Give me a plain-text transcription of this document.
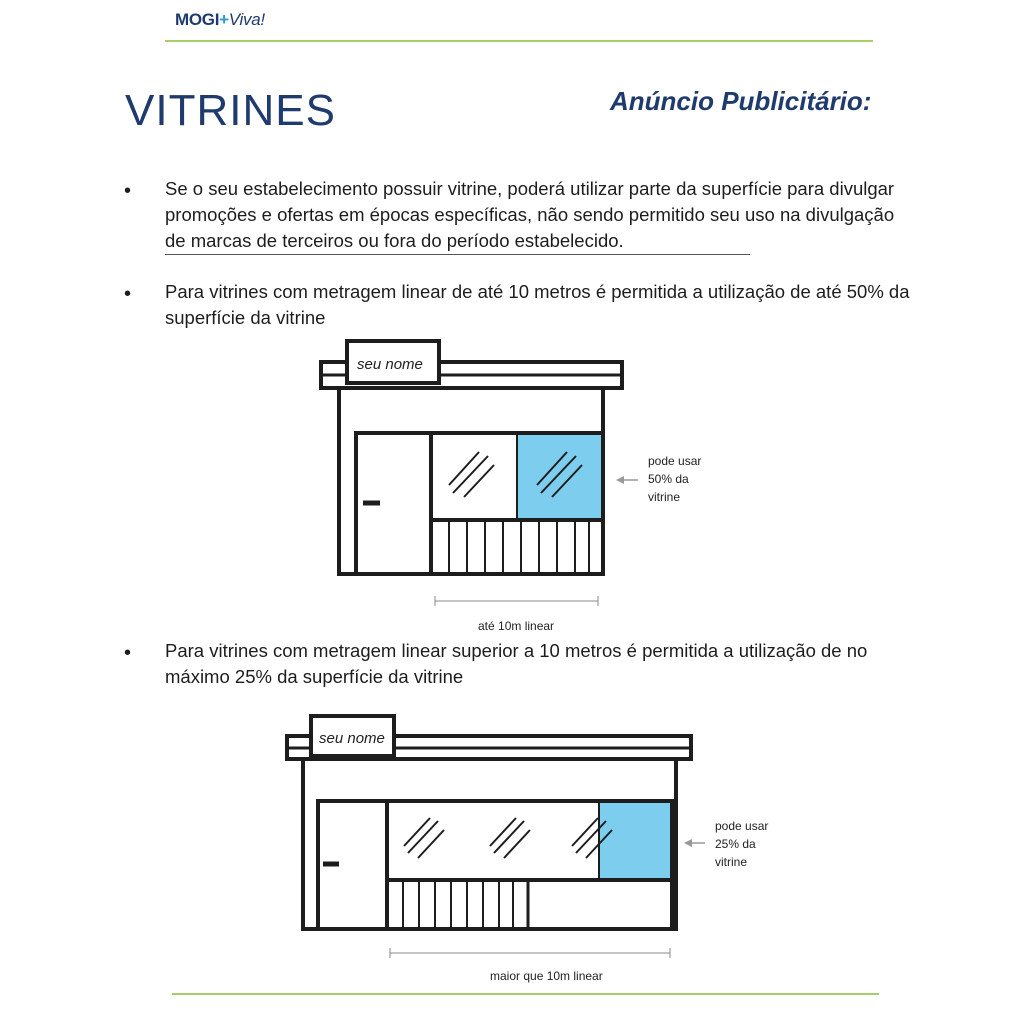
MOGI+Viva!
VITRINES	Anúncio Publicitário:
• Se o seu estabelecimento possuir vitrine, poderá utilizar parte da superfície para divulgar promoções e ofertas em épocas específicas, não sendo permitido seu uso na divulgação de marcas de terceiros ou fora do período estabelecido.
• Para vitrines com metragem linear de até 10 metros é permitida a utilização de até 50% da superfície da vitrine
• Para vitrines com metragem linear superior a 10 metros é permitida a utilização de no máximo 25% da superfície da vitrine
seu nome
seu nome
pode usar
50% da
vitrine
pode usar
25% da
vitrine
até 10m linear
maior que 10m linear
